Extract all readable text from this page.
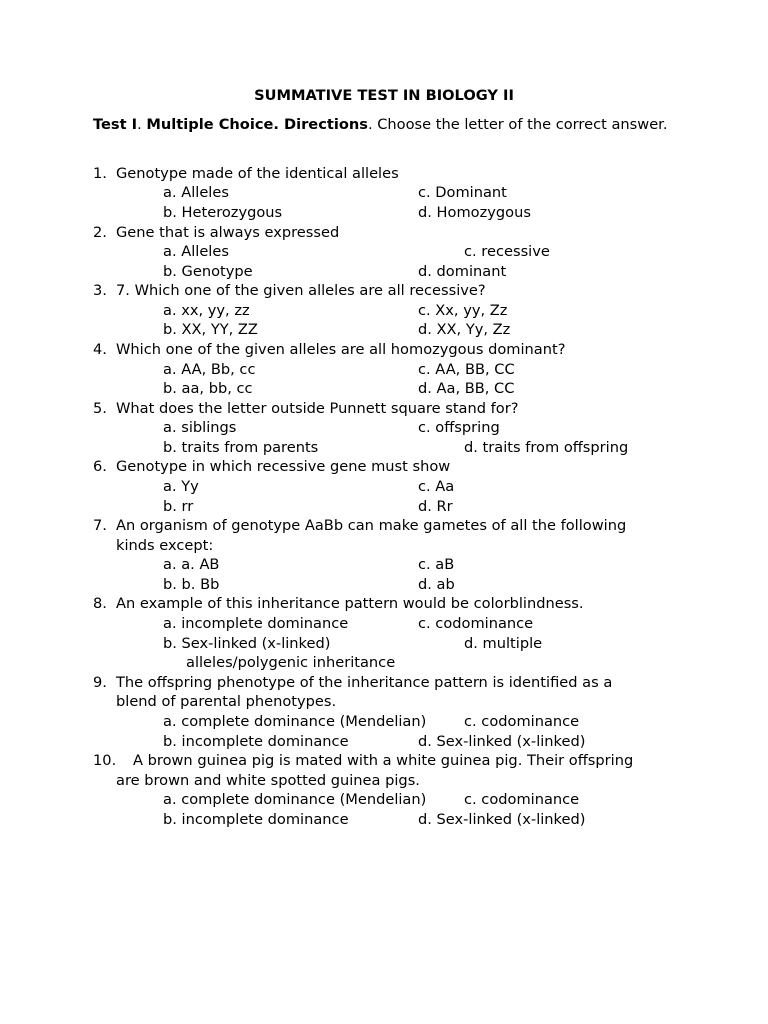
SUMMATIVE TEST IN BIOLOGY II
Test I. Multiple Choice. Directions. Choose the letter of the correct answer.
1. Genotype made of the identical alleles
a. Alleles	c. Dominant
b. Heterozygous	d. Homozygous
2. Gene that is always expressed
a. Alleles	c. recessive
b. Genotype	d. dominant
3. 7. Which one of the given alleles are all recessive?
a. xx, yy, zz	c. Xx, yy, Zz
b. XX, YY, ZZ	d. XX, Yy, Zz
4. Which one of the given alleles are all homozygous dominant?
a. AA, Bb, cc	c. AA, BB, CC
b. aa, bb, cc	d. Aa, BB, CC
5. What does the letter outside Punnett square stand for?
a. siblings	c. offspring
b. traits from parents	d. traits from offspring
6. Genotype in which recessive gene must show
a. Yy	c. Aa
b. rr	d. Rr
7. An organism of genotype AaBb can make gametes of all the following
kinds except:
a. a. AB	c. aB
b. b. Bb	d. ab
8. An example of this inheritance pattern would be colorblindness.
a. incomplete dominance	c. codominance
b. Sex-linked (x-linked)	d. multiple
alleles/polygenic inheritance
9. The offspring phenotype of the inheritance pattern is identified as a
blend of parental phenotypes.
a. complete dominance (Mendelian)	c. codominance
b. incomplete dominance	d. Sex-linked (x-linked)
10. A brown guinea pig is mated with a white guinea pig. Their offspring
are brown and white spotted guinea pigs.
a. complete dominance (Mendelian)	c. codominance
b. incomplete dominance	d. Sex-linked (x-linked)
